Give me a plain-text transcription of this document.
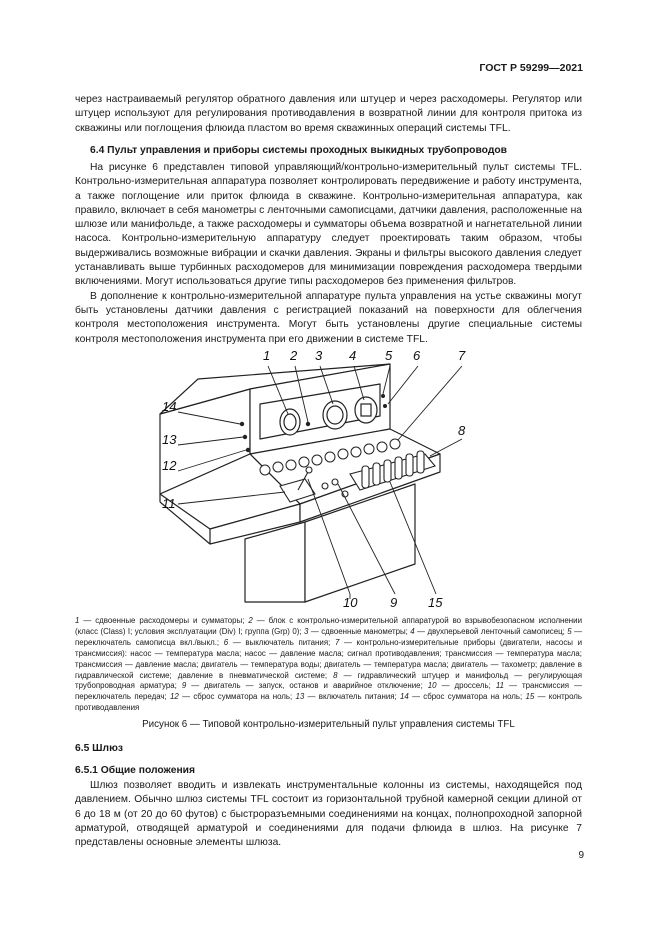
ГОСТ Р 59299—2021

через настраиваемый регулятор обратного давления или штуцер и через расходомеры. Регулятор или штуцер используют для регулирования противодавления в возвратной линии для контроля притока из скважины или поглощения флюида пластом во время скважинных операций системы TFL.

6.4 Пульт управления и приборы системы проходных выкидных трубопроводов

На рисунке 6 представлен типовой управляющий/контрольно-измерительный пульт системы TFL. Контрольно-измерительная аппаратура позволяет контролировать передвижение и работу инструмента, а также поглощение или приток флюида в скважине. Контрольно-измерительная аппаратура, как правило, включает в себя манометры с ленточными самописцами, датчики давления, расположенные на шлюзе или манифольде, а также расходомеры и сумматоры объема возвратной и нагнетательной линии насоса. Контрольно-измерительную аппаратуру следует проектировать таким образом, чтобы выдерживались возможные вибрации и скачки давления. Экраны и фильтры высокого давления следует устанавливать выше турбинных расходомеров для минимизации повреждения расходомера твердыми включениями. Могут использоваться другие типы расходомеров без применения фильтров.

В дополнение к контрольно-измерительной аппаратуре пульта управления на устье скважины могут быть установлены датчики давления с регистрацией показаний на поверхности для облегчения контроля местоположения инструмента. Могут быть установлены другие специальные системы контроля местоположения инструмента при его движении в системе TFL.

1 2 3 4 5 6	7
8
10	9 15
14
13
12
11
1 — сдвоенные расходомеры и сумматоры; 2 — блок с контрольно-измерительной аппаратурой во взрывобезопасном исполнении (класс (Class) I; условия эксплуатации (Div) I; группа (Grp) 0); 3 — сдвоенные манометры; 4 — двухперьевой ленточный самописец; 5 — переключатель самописца вкл./выкл.; 6 — выключатель питания; 7 — контрольно-измерительные приборы (двигатели, насосы и трансмиссия): насос — температура масла; насос — давление масла; сигнал противодавления; трансмиссия — температура масла; трансмиссия — давление масла; двигатель — температура воды; двигатель — температура масла; двигатель — тахометр; давление в гидравлической системе; давление в пневматической системе; 8 — гидравлический штуцер и манифольд — регулирующая трубопроводная арматура; 9 — двигатель — запуск, останов и аварийное отключение; 10 — дроссель; 11 — трансмиссия — переключатель передач; 12 — сброс сумматора на ноль; 13 — включатель питания; 14 — сброс сумматора на ноль; 15 — контроль противодавления
Рисунок 6 — Типовой контрольно-измерительный пульт управления системы TFL
6.5 Шлюз
6.5.1 Общие положения

Шлюз позволяет вводить и извлекать инструментальные колонны из системы, находящейся под давлением. Обычно шлюз системы TFL состоит из горизонтальной трубной камерной секции длиной от 6 до 18 м (от 20 до 60 футов) с быстроразъемными соединениями на концах, полнопроходной запорной арматурой, отводящей арматурой и соединениями для подачи флюида в шлюз. На рисунке 7 представлены основные элементы шлюза.

9
